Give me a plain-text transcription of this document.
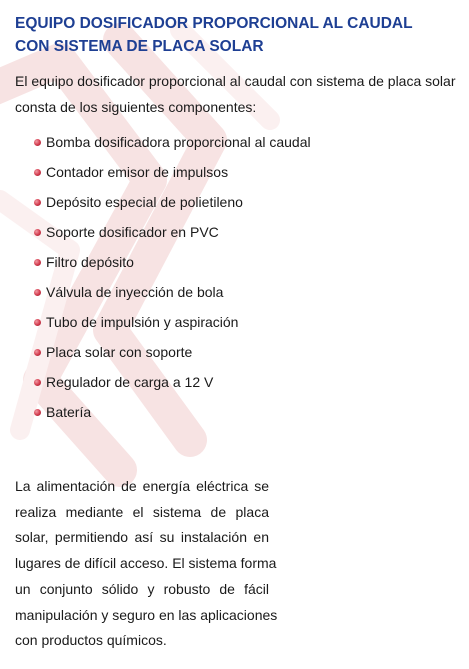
EQUIPO DOSIFICADOR PROPORCIONAL AL CAUDAL
CON SISTEMA DE PLACA SOLAR

El equipo dosificador proporcional al caudal con sistema de placa solar
consta de los siguientes componentes:

Bomba dosificadora proporcional al caudal
Contador emisor de impulsos
Depósito especial de polietileno
Soporte dosificador en PVC
Filtro depósito
Válvula de inyección de bola
Tubo de impulsión y aspiración
Placa solar con soporte
Regulador de carga a 12 V
Batería

La alimentación de energía eléctrica se
realiza mediante el sistema de placa
solar, permitiendo así su instalación en
lugares de difícil acceso. El sistema forma
un conjunto sólido y robusto de fácil
manipulación y seguro en las aplicaciones
con productos químicos.
